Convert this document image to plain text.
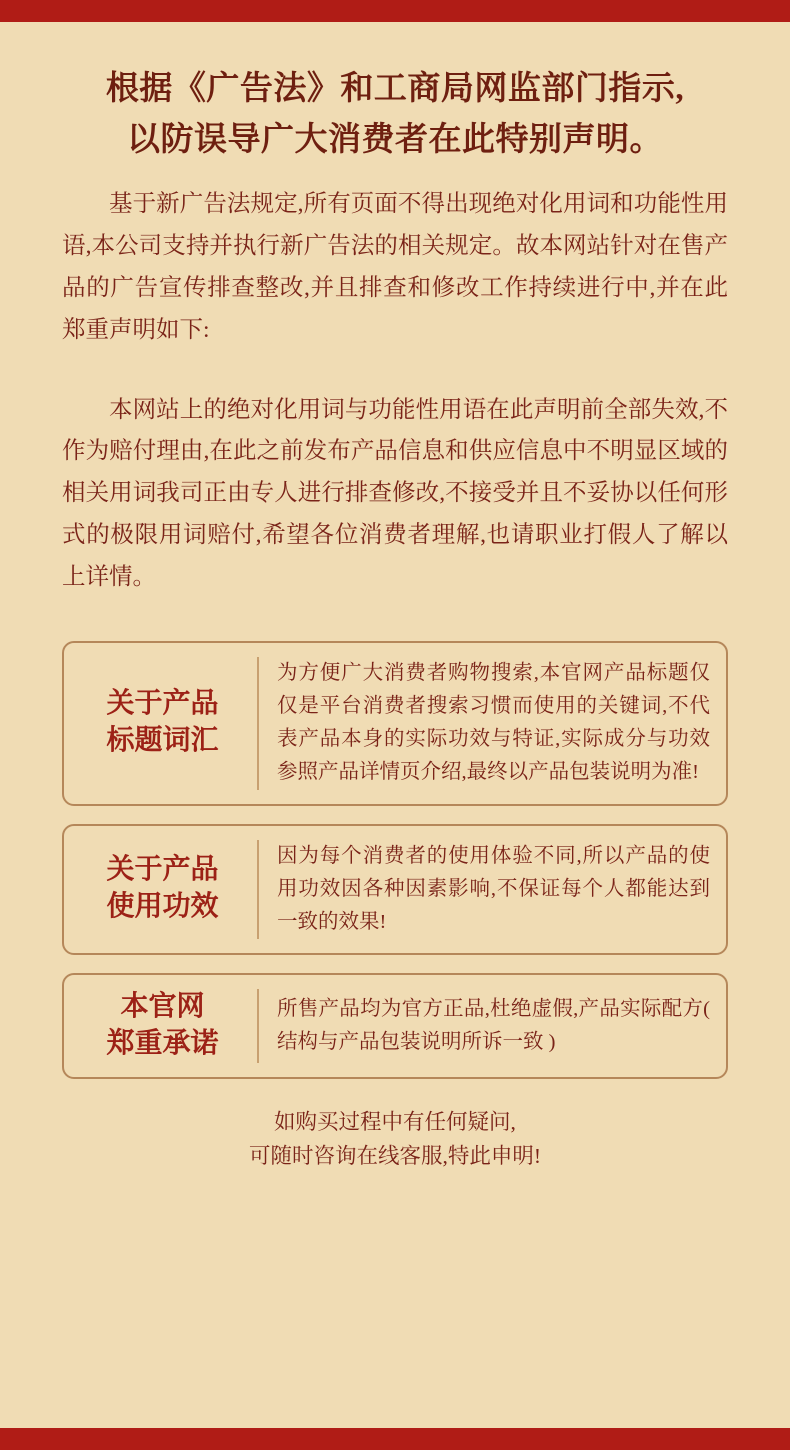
根据《广告法》和工商局网监部门指示,
以防误导广大消费者在此特别声明。

基于新广告法规定,所有页面不得出现绝对化用词和功能性用语,本公司支持并执行新广告法的相关规定。故本网站针对在售产品的广告宣传排查整改,并且排查和修改工作持续进行中,并在此郑重声明如下:

本网站上的绝对化用词与功能性用语在此声明前全部失效,不作为赔付理由,在此之前发布产品信息和供应信息中不明显区域的相关用词我司正由专人进行排查修改,不接受并且不妥协以任何形式的极限用词赔付,希望各位消费者理解,也请职业打假人了解以上详情。

关于产品
标题词汇
为方便广大消费者购物搜索,本官网产品标题仅仅是平台消费者搜索习惯而使用的关键词,不代表产品本身的实际功效与特证,实际成分与功效参照产品详情页介绍,最终以产品包装说明为准!
关于产品
使用功效
因为每个消费者的使用体验不同,所以产品的使用功效因各种因素影响,不保证每个人都能达到一致的效果!
本官网
郑重承诺
所售产品均为官方正品,杜绝虚假,产品实际配方( 结构与产品包装说明所诉一致 )
如购买过程中有任何疑问,
可随时咨询在线客服,特此申明!
